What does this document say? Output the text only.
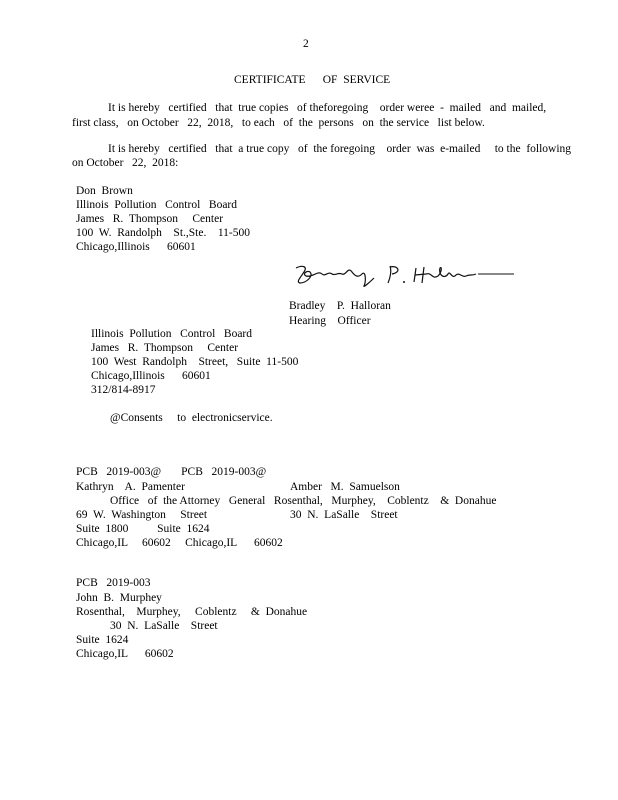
2
CERTIFICATE      OF  SERVICE
It is hereby   certified   that  true copies   of theforegoing    order weree  -  mailed   and  mailed,
first class,   on October   22,  2018,   to each   of  the  persons   on  the service   list below.
It is hereby   certified   that  a true copy   of  the foregoing    order  was  e-mailed     to the  following
on October   22,  2018:
Don  Brown
Illinois  Pollution   Control   Board
James   R.  Thompson     Center
100  W.  Randolph    St.,Ste.    11-500
Chicago,Illinois      60601
Bradley    P.  Halloran
Hearing    Officer
Illinois  Pollution   Control   Board
James   R.  Thompson     Center
100  West  Randolph    Street,   Suite  11-500
Chicago,Illinois      60601
312/814-8917
@Consents     to  electronicservice.
PCB   2019-003@       PCB   2019-003@
Kathryn    A.  Pamenter	Amber   M.  Samuelson
Office   of  the Attorney   General   Rosenthal,   Murphey,    Coblentz    &  Donahue
69  W.  Washington     Street	30  N.  LaSalle    Street
Suite  1800          Suite  1624
Chicago,IL     60602     Chicago,IL      60602
PCB   2019-003
John  B.  Murphey
Rosenthal,    Murphey,     Coblentz     &  Donahue
30  N.  LaSalle    Street
Suite  1624
Chicago,IL      60602
